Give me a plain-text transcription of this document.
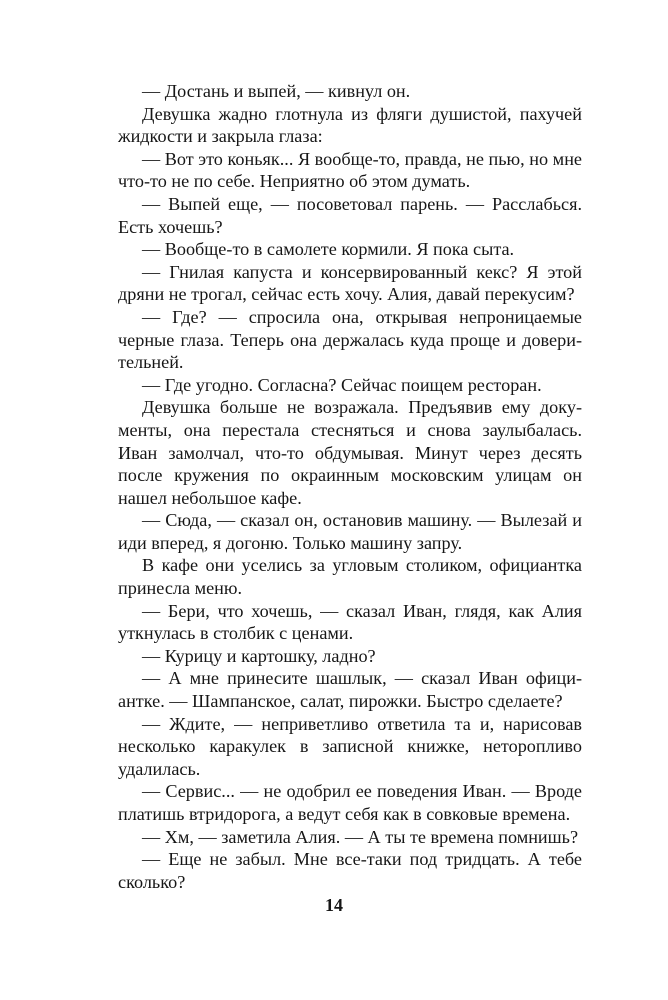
— Достань и выпей, — кивнул он.

Девушка жадно глотнула из фляги душистой, пахучей жидкости и закрыла глаза:

— Вот это коньяк... Я вообще-то, правда, не пью, но мне что-то не по себе. Неприятно об этом думать.

— Выпей еще, — посоветовал парень. — Расслабься. Есть хочешь?

— Вообще-то в самолете кормили. Я пока сыта.

— Гнилая капуста и консервированный кекс? Я этой дряни не трогал, сейчас есть хочу. Алия, давай перекусим?

— Где? — спросила она, открывая непроницаемые черные глаза. Теперь она держалась куда проще и доверительней.

— Где угодно. Согласна? Сейчас поищем ресторан.

Девушка больше не возражала. Предъявив ему документы, она перестала стесняться и снова заулыбалась. Иван замолчал, что-то обдумывая. Минут через десять после кружения по окраинным московским улицам он нашел небольшое кафе.

— Сюда, — сказал он, остановив машину. — Вылезай и иди вперед, я догоню. Только машину запру.

В кафе они уселись за угловым столиком, официантка принесла меню.

— Бери, что хочешь, — сказал Иван, глядя, как Алия уткнулась в столбик с ценами.

— Курицу и картошку, ладно?

— А мне принесите шашлык, — сказал Иван официантке. — Шампанское, салат, пирожки. Быстро сделаете?

— Ждите, — неприветливо ответила та и, нарисовав несколько каракулек в записной книжке, неторопливо удалилась.

— Сервис... — не одобрил ее поведения Иван. — Вроде платишь втридорога, а ведут себя как в совковые времена.

— Хм, — заметила Алия. — А ты те времена помнишь?

— Еще не забыл. Мне все-таки под тридцать. А тебе сколько?

14
